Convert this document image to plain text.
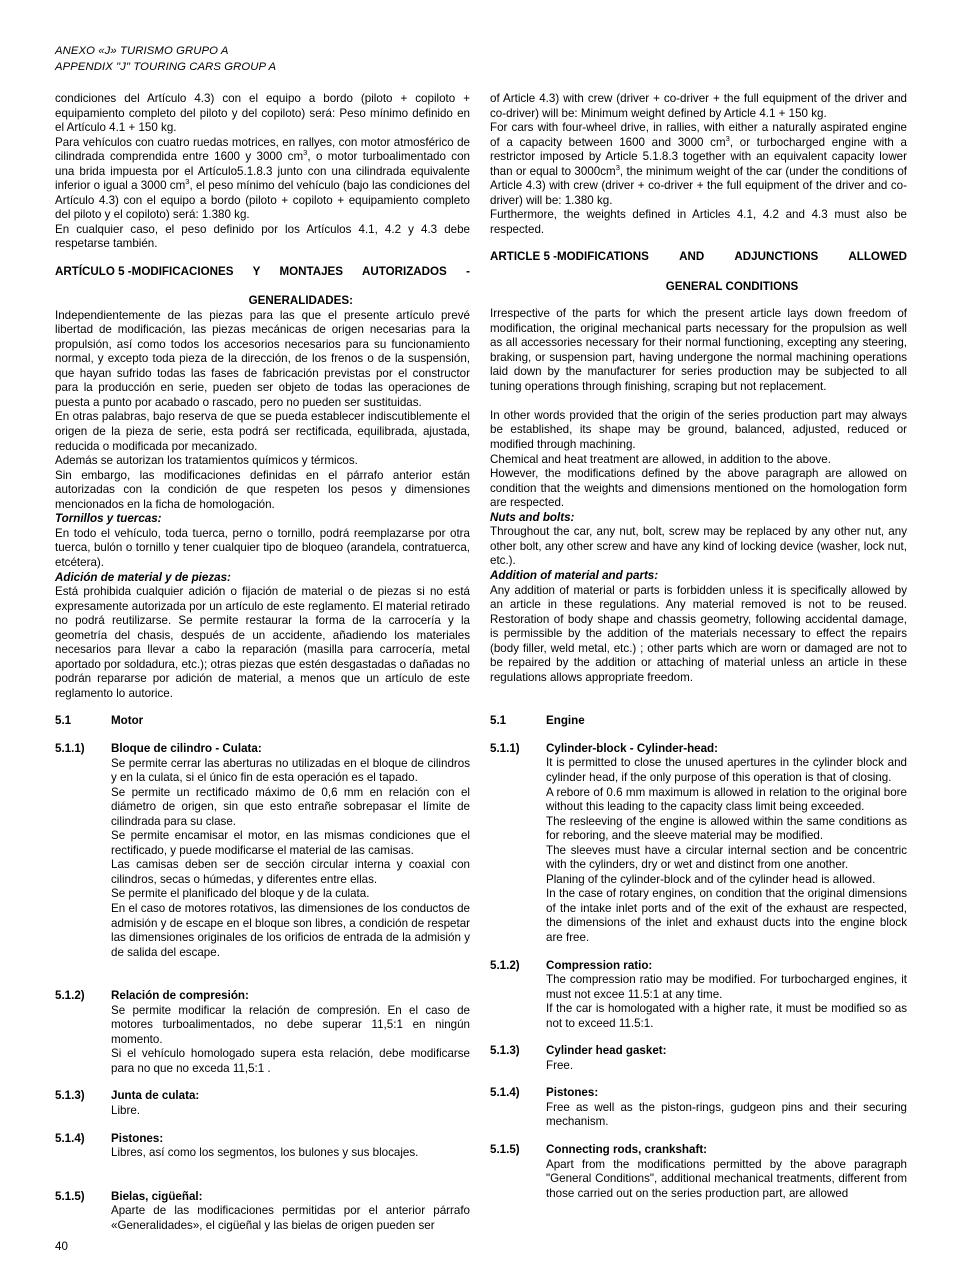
ANEXO «J» TURISMO GRUPO A
APPENDIX "J" TOURING CARS GROUP A

condiciones del Artículo 4.3) con el equipo a bordo (piloto + copiloto + equipamiento completo del piloto y del copiloto) será: Peso mínimo definido en el Artículo 4.1 + 150 kg.

Para vehículos con cuatro ruedas motrices, en rallyes, con motor atmosférico de cilindrada comprendida entre 1600 y 3000 $cm^3$, o motor turboalimentado con una brida impuesta por el Artículo5.1.8.3 junto con una cilindrada equivalente inferior o igual a 3000 $cm^3$, el peso mínimo del vehículo (bajo las condiciones del Artículo 4.3) con el equipo a bordo (piloto + copiloto + equipamiento completo del piloto y el copiloto) será: 1.380 kg.

En cualquier caso, el peso definido por los Artículos 4.1, 4.2 y 4.3 debe respetarse también.

ARTÍCULO 5 - MODIFICACIONES Y MONTAJES AUTORIZADOS -
GENERALIDADES:

Independientemente de las piezas para las que el presente artículo prevé libertad de modificación, las piezas mecánicas de origen necesarias para la propulsión, así como todos los accesorios necesarios para su funcionamiento normal, y excepto toda pieza de la dirección, de los frenos o de la suspensión, que hayan sufrido todas las fases de fabricación previstas por el constructor para la producción en serie, pueden ser objeto de todas las operaciones de puesta a punto por acabado o rascado, pero no pueden ser sustituidas.

En otras palabras, bajo reserva de que se pueda establecer indiscutiblemente el origen de la pieza de serie, esta podrá ser rectificada, equilibrada, ajustada, reducida o modificada por mecanizado.

Además se autorizan los tratamientos químicos y térmicos.

Sin embargo, las modificaciones definidas en el párrafo anterior están autorizadas con la condición de que respeten los pesos y dimensiones mencionados en la ficha de homologación.

Tornillos y tuercas:

En todo el vehículo, toda tuerca, perno o tornillo, podrá reemplazarse por otra tuerca, bulón o tornillo y tener cualquier tipo de bloqueo (arandela, contratuerca, etcétera).

Adición de material y de piezas:

Está prohibida cualquier adición o fijación de material o de piezas si no está expresamente autorizada por un artículo de este reglamento. El material retirado no podrá reutilizarse. Se permite restaurar la forma de la carrocería y la geometría del chasis, después de un accidente, añadiendo los materiales necesarios para llevar a cabo la reparación (masilla para carrocería, metal aportado por soldadura, etc.); otras piezas que estén desgastadas o dañadas no podrán repararse por adición de material, a menos que un artículo de este reglamento lo autorice.

5.1	Motor
5.1.1)	Bloque de cilindro - Culata:

Se permite cerrar las aberturas no utilizadas en el bloque de cilindros y en la culata, si el único fin de esta operación es el tapado.

Se permite un rectificado máximo de 0,6 mm en relación con el diámetro de origen, sin que esto entrañe sobrepasar el límite de cilindrada para su clase.

Se permite encamisar el motor, en las mismas condiciones que el rectificado, y puede modificarse el material de las camisas.

Las camisas deben ser de sección circular interna y coaxial con cilindros, secas o húmedas, y diferentes entre ellas.

Se permite el planificado del bloque y de la culata.

En el caso de motores rotativos, las dimensiones de los conductos de admisión y de escape en el bloque son libres, a condición de respetar las dimensiones originales de los orificios de entrada de la admisión y de salida del escape.

5.1.2)	Relación de compresión:

Se permite modificar la relación de compresión. En el caso de motores turboalimentados, no debe superar 11,5:1 en ningún momento.

Si el vehículo homologado supera esta relación, debe modificarse para no que no exceda 11,5:1 .

5.1.3)	Junta de culata:

Libre.

5.1.4)	Pistones:

Libres, así como los segmentos, los bulones y sus blocajes.

5.1.5)	Bielas, cigüeñal:

Aparte de las modificaciones permitidas por el anterior párrafo «Generalidades», el cigüeñal y las bielas de origen pueden ser

of Article 4.3) with crew (driver + co-driver + the full equipment of the driver and co-driver) will be: Minimum weight defined by Article 4.1 + 150 kg.

For cars with four-wheel drive, in rallies, with either a naturally aspirated engine of a capacity between 1600 and 3000 $cm^3$, or turbocharged engine with a restrictor imposed by Article 5.1.8.3 together with an equivalent capacity lower than or equal to $3000cm^3$, the minimum weight of the car (under the conditions of Article 4.3) with crew (driver + co-driver + the full equipment of the driver and co-driver) will be: 1.380 kg.

Furthermore, the weights defined in Articles 4.1, 4.2 and 4.3 must also be respected.

ARTICLE 5 - MODIFICATIONS AND ADJUNCTIONS ALLOWED
GENERAL CONDITIONS

Irrespective of the parts for which the present article lays down freedom of modification, the original mechanical parts necessary for the propulsion as well as all accessories necessary for their normal functioning, excepting any steering, braking, or suspension part, having undergone the normal machining operations laid down by the manufacturer for series production may be subjected to all tuning operations through finishing, scraping but not replacement.

In other words provided that the origin of the series production part may always be established, its shape may be ground, balanced, adjusted, reduced or modified through machining.

Chemical and heat treatment are allowed, in addition to the above.

However, the modifications defined by the above paragraph are allowed on condition that the weights and dimensions mentioned on the homologation form are respected.

Nuts and bolts:

Throughout the car, any nut, bolt, screw may be replaced by any other nut, any other bolt, any other screw and have any kind of locking device (washer, lock nut, etc.).

Addition of material and parts:

Any addition of material or parts is forbidden unless it is specifically allowed by an article in these regulations. Any material removed is not to be reused. Restoration of body shape and chassis geometry, following accidental damage, is permissible by the addition of the materials necessary to effect the repairs (body filler, weld metal, etc.) ; other parts which are worn or damaged are not to be repaired by the addition or attaching of material unless an article in these regulations allows appropriate freedom.

5.1	Engine
5.1.1)	Cylinder-block - Cylinder-head:

It is permitted to close the unused apertures in the cylinder block and cylinder head, if the only purpose of this operation is that of closing.

A rebore of 0.6 mm maximum is allowed in relation to the original bore without this leading to the capacity class limit being exceeded.

The resleeving of the engine is allowed within the same conditions as for reboring, and the sleeve material may be modified.

The sleeves must have a circular internal section and be concentric with the cylinders, dry or wet and distinct from one another.

Planing of the cylinder-block and of the cylinder head is allowed.

In the case of rotary engines, on condition that the original dimensions of the intake inlet ports and of the exit of the exhaust are respected, the dimensions of the inlet and exhaust ducts into the engine block are free.

5.1.2)	Compression ratio:

The compression ratio may be modified. For turbocharged engines, it must not excee 11.5:1 at any time.

If the car is homologated with a higher rate, it must be modified so as not to exceed 11.5:1.

5.1.3)	Cylinder head gasket:

Free.

5.1.4)	Pistones:

Free as well as the piston-rings, gudgeon pins and their securing mechanism.

5.1.5)	Connecting rods, crankshaft:

Apart from the modifications permitted by the above paragraph "General Conditions", additional mechanical treatments, different from those carried out on the series production part, are allowed

40
